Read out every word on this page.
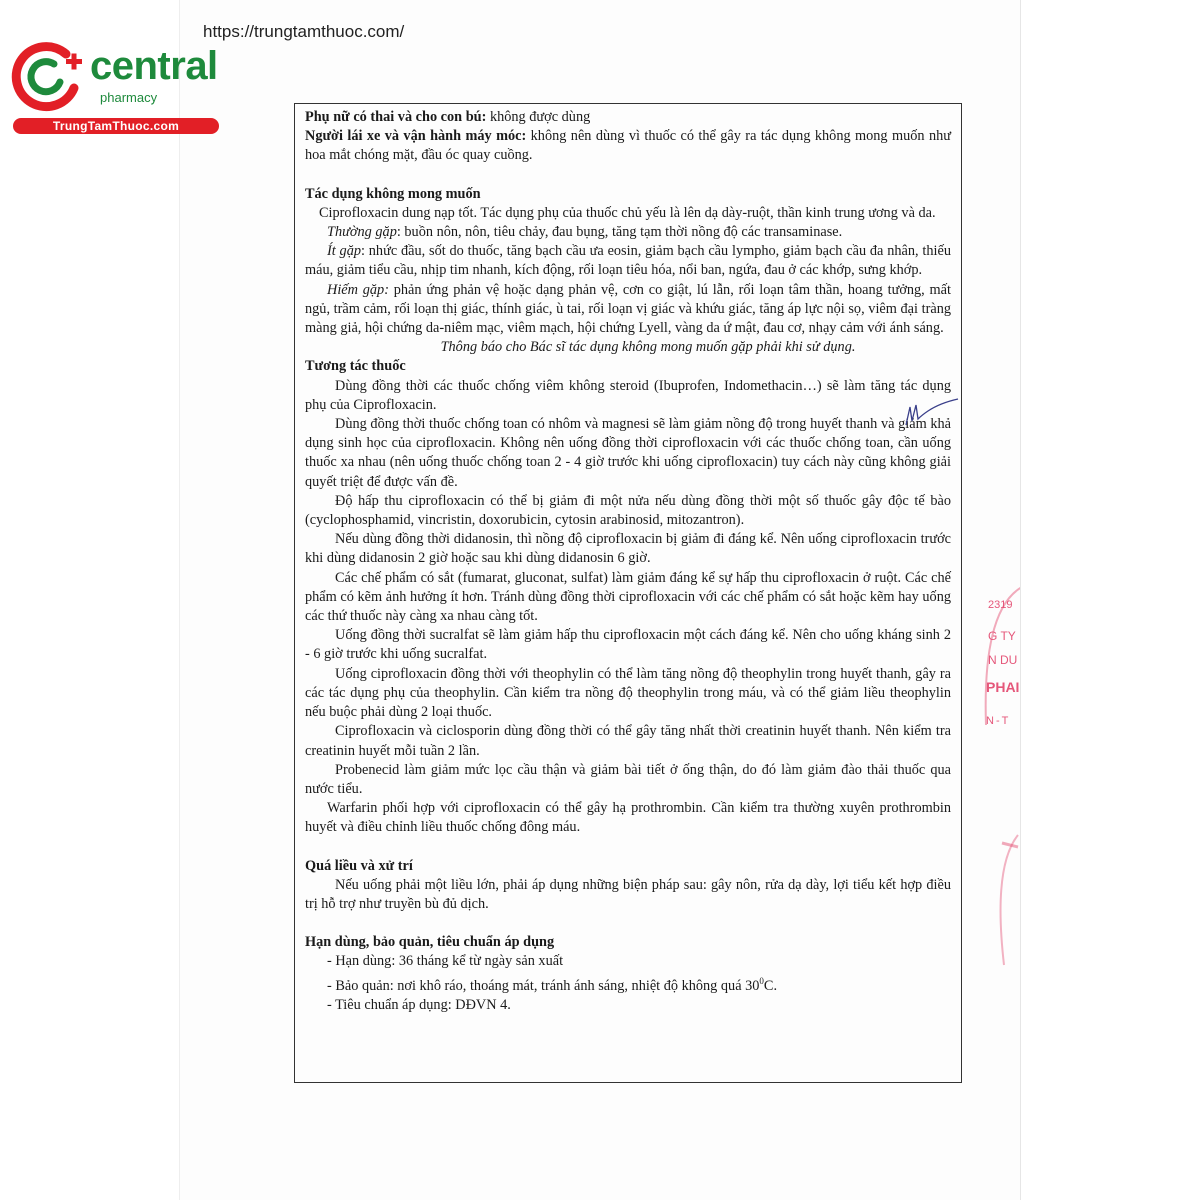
https://trungtamthuoc.com/
central
pharmacy
TrungTamThuoc.com

Phụ nữ có thai và cho con bú: không được dùng

Người lái xe và vận hành máy móc: không nên dùng vì thuốc có thể gây ra tác dụng không mong muốn như hoa mắt chóng mặt, đầu óc quay cuồng.

Tác dụng không mong muốn

Ciprofloxacin dung nạp tốt. Tác dụng phụ của thuốc chủ yếu là lên dạ dày-ruột, thần kinh trung ương và da.

Thường gặp: buồn nôn, nôn, tiêu chảy, đau bụng, tăng tạm thời nồng độ các transaminase.

Ít gặp: nhức đầu, sốt do thuốc, tăng bạch cầu ưa eosin, giảm bạch cầu lympho, giảm bạch cầu đa nhân, thiếu máu, giảm tiểu cầu, nhịp tim nhanh, kích động, rối loạn tiêu hóa, nổi ban, ngứa, đau ở các khớp, sưng khớp.

Hiếm gặp: phản ứng phản vệ hoặc dạng phản vệ, cơn co giật, lú lẫn, rối loạn tâm thần, hoang tưởng, mất ngủ, trầm cảm, rối loạn thị giác, thính giác, ù tai, rối loạn vị giác và khứu giác, tăng áp lực nội sọ, viêm đại tràng màng giả, hội chứng da-niêm mạc, viêm mạch, hội chứng Lyell, vàng da ứ mật, đau cơ, nhạy cảm với ánh sáng.

Thông báo cho Bác sĩ tác dụng không mong muốn gặp phải khi sử dụng.

Tương tác thuốc

Dùng đồng thời các thuốc chống viêm không steroid (Ibuprofen, Indomethacin…) sẽ làm tăng tác dụng phụ của Ciprofloxacin.

Dùng đồng thời thuốc chống toan có nhôm và magnesi sẽ làm giảm nồng độ trong huyết thanh và giảm khả dụng sinh học của ciprofloxacin. Không nên uống đồng thời ciprofloxacin với các thuốc chống toan, cần uống thuốc xa nhau (nên uống thuốc chống toan 2 - 4 giờ trước khi uống ciprofloxacin) tuy cách này cũng không giải quyết triệt để được vấn đề.

Độ hấp thu ciprofloxacin có thể bị giảm đi một nửa nếu dùng đồng thời một số thuốc gây độc tế bào (cyclophosphamid, vincristin, doxorubicin, cytosin arabinosid, mitozantron).

Nếu dùng đồng thời didanosin, thì nồng độ ciprofloxacin bị giảm đi đáng kể. Nên uống ciprofloxacin trước khi dùng didanosin 2 giờ hoặc sau khi dùng didanosin 6 giờ.

Các chế phẩm có sắt (fumarat, gluconat, sulfat) làm giảm đáng kể sự hấp thu ciprofloxacin ở ruột. Các chế phẩm có kẽm ảnh hưởng ít hơn. Tránh dùng đồng thời ciprofloxacin với các chế phẩm có sắt hoặc kẽm hay uống các thứ thuốc này càng xa nhau càng tốt.

Uống đồng thời sucralfat sẽ làm giảm hấp thu ciprofloxacin một cách đáng kể. Nên cho uống kháng sinh 2 - 6 giờ trước khi uống sucralfat.

Uống ciprofloxacin đồng thời với theophylin có thể làm tăng nồng độ theophylin trong huyết thanh, gây ra các tác dụng phụ của theophylin. Cần kiểm tra nồng độ theophylin trong máu, và có thể giảm liều theophylin nếu buộc phải dùng 2 loại thuốc.

Ciprofloxacin và ciclosporin dùng đồng thời có thể gây tăng nhất thời creatinin huyết thanh. Nên kiểm tra creatinin huyết mỗi tuần 2 lần.

Probenecid làm giảm mức lọc cầu thận và giảm bài tiết ở ống thận, do đó làm giảm đào thải thuốc qua nước tiểu.

Warfarin phối hợp với ciprofloxacin có thể gây hạ prothrombin. Cần kiểm tra thường xuyên prothrombin huyết và điều chỉnh liều thuốc chống đông máu.

Quá liều và xử trí

Nếu uống phải một liều lớn, phải áp dụng những biện pháp sau: gây nôn, rửa dạ dày, lợi tiểu kết hợp điều trị hỗ trợ như truyền bù đủ dịch.

Hạn dùng, bảo quản, tiêu chuẩn áp dụng

- Hạn dùng: 36 tháng kể từ ngày sản xuất

- Bảo quản: nơi khô ráo, thoáng mát, tránh ánh sáng, nhiệt độ không quá $30^0C$.

- Tiêu chuẩn áp dụng: DĐVN 4.

2319
G TY
N DU
PHAI
N-T
